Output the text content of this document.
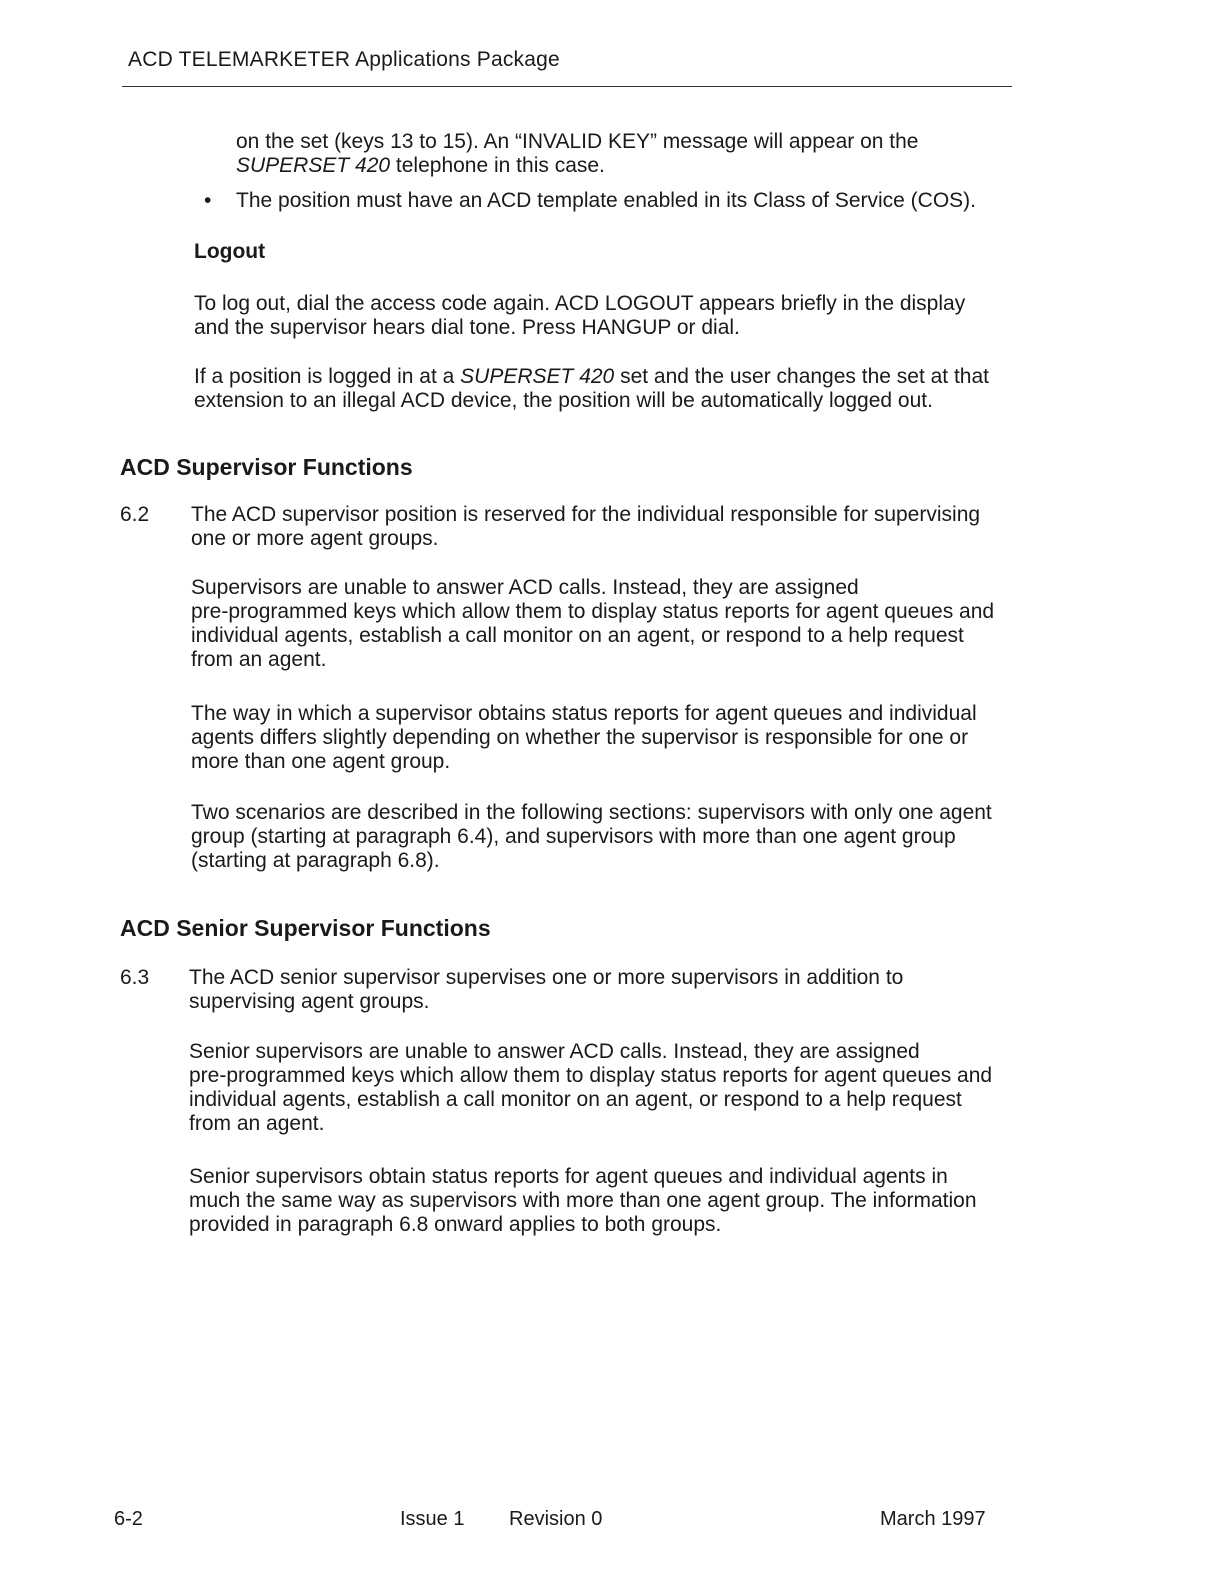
ACD TELEMARKETER Applications Package
on the set (keys 13 to 15). An “INVALID KEY” message will appear on the
SUPERSET 420 telephone in this case.
• The position must have an ACD template enabled in its Class of Service (COS).
Logout
To log out, dial the access code again. ACD LOGOUT appears briefly in the display
and the supervisor hears dial tone. Press HANGUP or dial.
If a position is logged in at a SUPERSET 420 set and the user changes the set at that
extension to an illegal ACD device, the position will be automatically logged out.
ACD Supervisor Functions
6.2 The ACD supervisor position is reserved for the individual responsible for supervising
one or more agent groups.
Supervisors are unable to answer ACD calls. Instead, they are assigned
pre-programmed keys which allow them to display status reports for agent queues and
individual agents, establish a call monitor on an agent, or respond to a help request
from an agent.
The way in which a supervisor obtains status reports for agent queues and individual
agents differs slightly depending on whether the supervisor is responsible for one or
more than one agent group.
Two scenarios are described in the following sections: supervisors with only one agent
group (starting at paragraph 6.4), and supervisors with more than one agent group
(starting at paragraph 6.8).
ACD Senior Supervisor Functions
6.3 The ACD senior supervisor supervises one or more supervisors in addition to
supervising agent groups.
Senior supervisors are unable to answer ACD calls. Instead, they are assigned
pre-programmed keys which allow them to display status reports for agent queues and
individual agents, establish a call monitor on an agent, or respond to a help request
from an agent.
Senior supervisors obtain status reports for agent queues and individual agents in
much the same way as supervisors with more than one agent group. The information
provided in paragraph 6.8 onward applies to both groups.
6-2	Issue 1 Revision 0	March 1997
